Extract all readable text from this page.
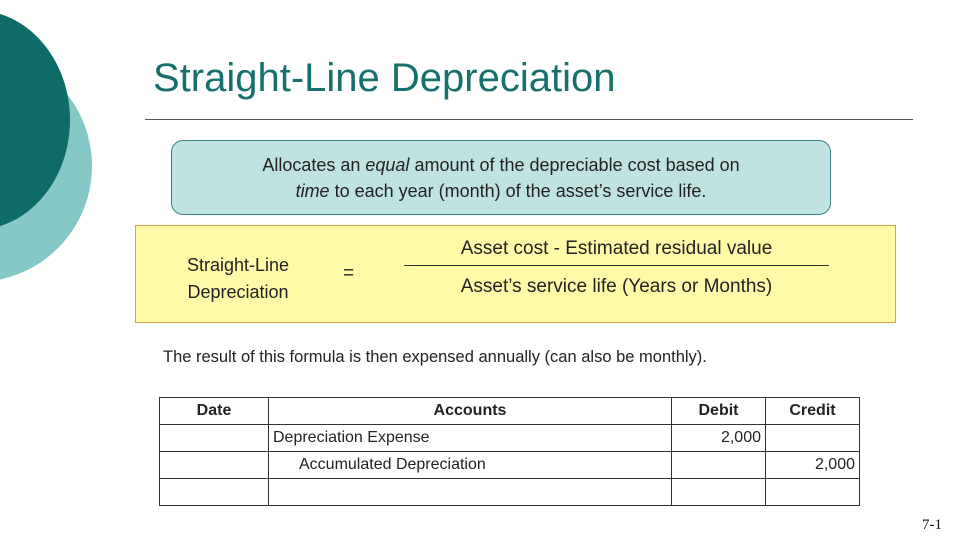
Straight-Line Depreciation
Allocates an equal amount of the depreciable cost based on
time to each year (month) of the asset’s service life.
Straight-Line
Depreciation
=
Asset cost - Estimated residual value
Asset’s service life (Years or Months)
The result of this formula is then expensed annually (can also be monthly).
Date	Accounts	Debit	Credit
	Depreciation Expense	2,000	
	Accumulated Depreciation		2,000

7-1
